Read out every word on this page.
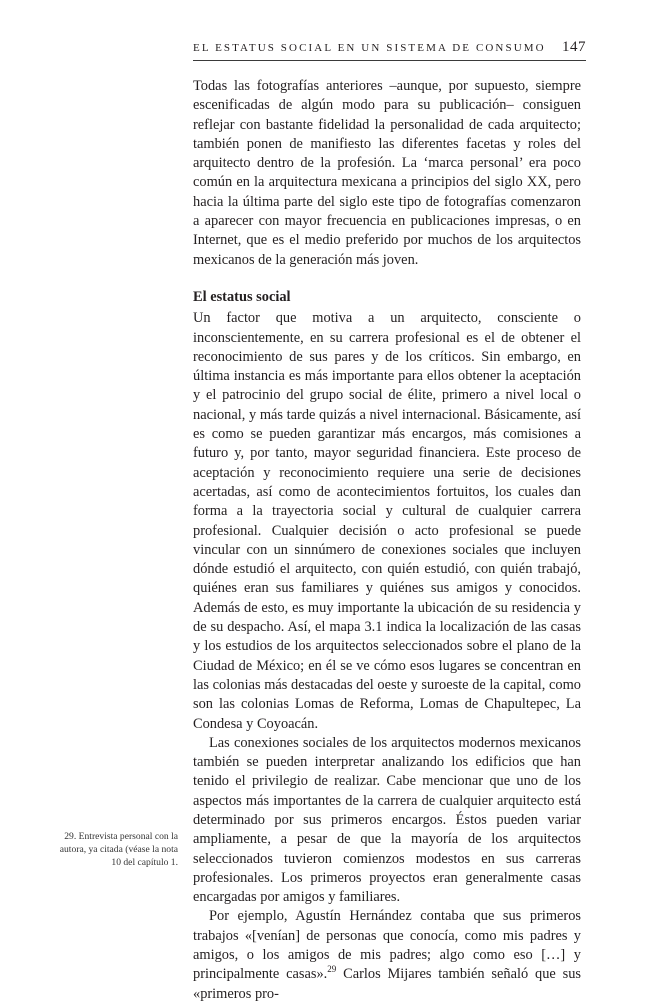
EL ESTATUS SOCIAL EN UN SISTEMA DE CONSUMO 147

Todas las fotografías anteriores –aunque, por supuesto, siempre escenificadas de algún modo para su publicación– consiguen reflejar con bastante fidelidad la personalidad de cada arquitecto; también ponen de manifiesto las diferentes facetas y roles del arquitecto dentro de la profesión. La ‘marca personal’ era poco común en la arquitectura mexicana a principios del siglo XX, pero hacia la última parte del siglo este tipo de fotografías comenzaron a aparecer con mayor frecuencia en publicaciones impresas, o en Internet, que es el medio preferido por muchos de los arquitectos mexicanos de la generación más joven.

El estatus social

Un factor que motiva a un arquitecto, consciente o inconscientemente, en su carrera profesional es el de obtener el reconocimiento de sus pares y de los críticos. Sin embargo, en última instancia es más importante para ellos obtener la aceptación y el patrocinio del grupo social de élite, primero a nivel local o nacional, y más tarde quizás a nivel internacional. Básicamente, así es como se pueden garantizar más encargos, más comisiones a futuro y, por tanto, mayor seguridad financiera. Este proceso de aceptación y reconocimiento requiere una serie de decisiones acertadas, así como de acontecimientos fortuitos, los cuales dan forma a la trayectoria social y cultural de cualquier carrera profesional. Cualquier decisión o acto profesional se puede vincular con un sinnúmero de conexiones sociales que incluyen dónde estudió el arquitecto, con quién estudió, con quién trabajó, quiénes eran sus familiares y quiénes sus amigos y conocidos. Además de esto, es muy importante la ubicación de su residencia y de su despacho. Así, el mapa 3.1 indica la localización de las casas y los estudios de los arquitectos seleccionados sobre el plano de la Ciudad de México; en él se ve cómo esos lugares se concentran en las colonias más destacadas del oeste y suroeste de la capital, como son las colonias Lomas de Reforma, Lomas de Chapultepec, La Condesa y Coyoacán.

Las conexiones sociales de los arquitectos modernos mexicanos también se pueden interpretar analizando los edificios que han tenido el privilegio de realizar. Cabe mencionar que uno de los aspectos más importantes de la carrera de cualquier arquitecto está determinado por sus primeros encargos. Éstos pueden variar ampliamente, a pesar de que la mayoría de los arquitectos seleccionados tuvieron comienzos modestos en sus carreras profesionales. Los primeros proyectos eran generalmente casas encargadas por amigos y familiares.

Por ejemplo, Agustín Hernández contaba que sus primeros trabajos «[venían] de personas que conocía, como mis padres y amigos, o los amigos de mis padres; algo como eso […] y principalmente casas».$^{29}$ Carlos Mijares también señaló que sus «primeros pro-

29. Entrevista personal con la autora, ya citada (véase la nota 10 del capítulo 1.
